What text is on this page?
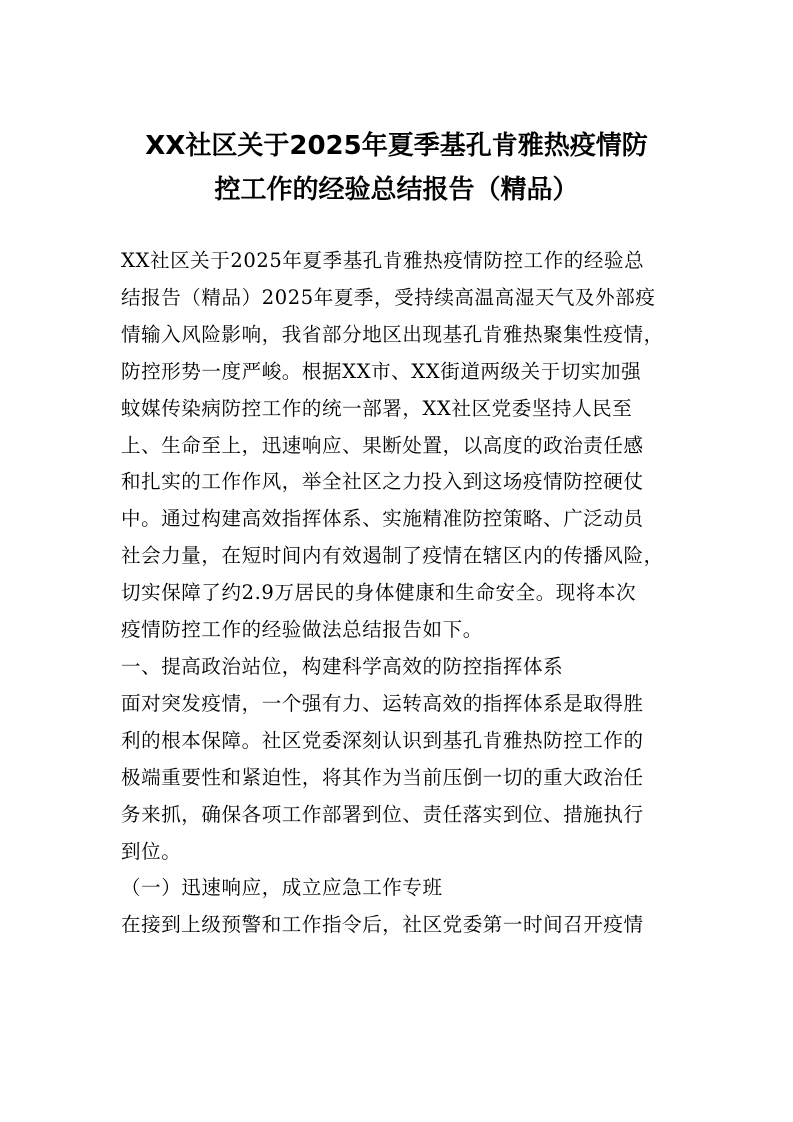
XX社区关于2025年夏季基孔肯雅热疫情防
控工作的经验总结报告（精品）

XX社区关于2025年夏季基孔肯雅热疫情防控工作的经验总
结报告（精品）2025年夏季，受持续高温高湿天气及外部疫
情输入风险影响，我省部分地区出现基孔肯雅热聚集性疫情，
防控形势一度严峻。根据XX市、XX街道两级关于切实加强
蚊媒传染病防控工作的统一部署，XX社区党委坚持人民至
上、生命至上，迅速响应、果断处置，以高度的政治责任感
和扎实的工作作风，举全社区之力投入到这场疫情防控硬仗
中。通过构建高效指挥体系、实施精准防控策略、广泛动员
社会力量，在短时间内有效遏制了疫情在辖区内的传播风险，
切实保障了约2.9万居民的身体健康和生命安全。现将本次
疫情防控工作的经验做法总结报告如下。

一、提高政治站位，构建科学高效的防控指挥体系

面对突发疫情，一个强有力、运转高效的指挥体系是取得胜
利的根本保障。社区党委深刻认识到基孔肯雅热防控工作的
极端重要性和紧迫性，将其作为当前压倒一切的重大政治任
务来抓，确保各项工作部署到位、责任落实到位、措施执行
到位。

（一）迅速响应，成立应急工作专班

在接到上级预警和工作指令后，社区党委第一时间召开疫情
